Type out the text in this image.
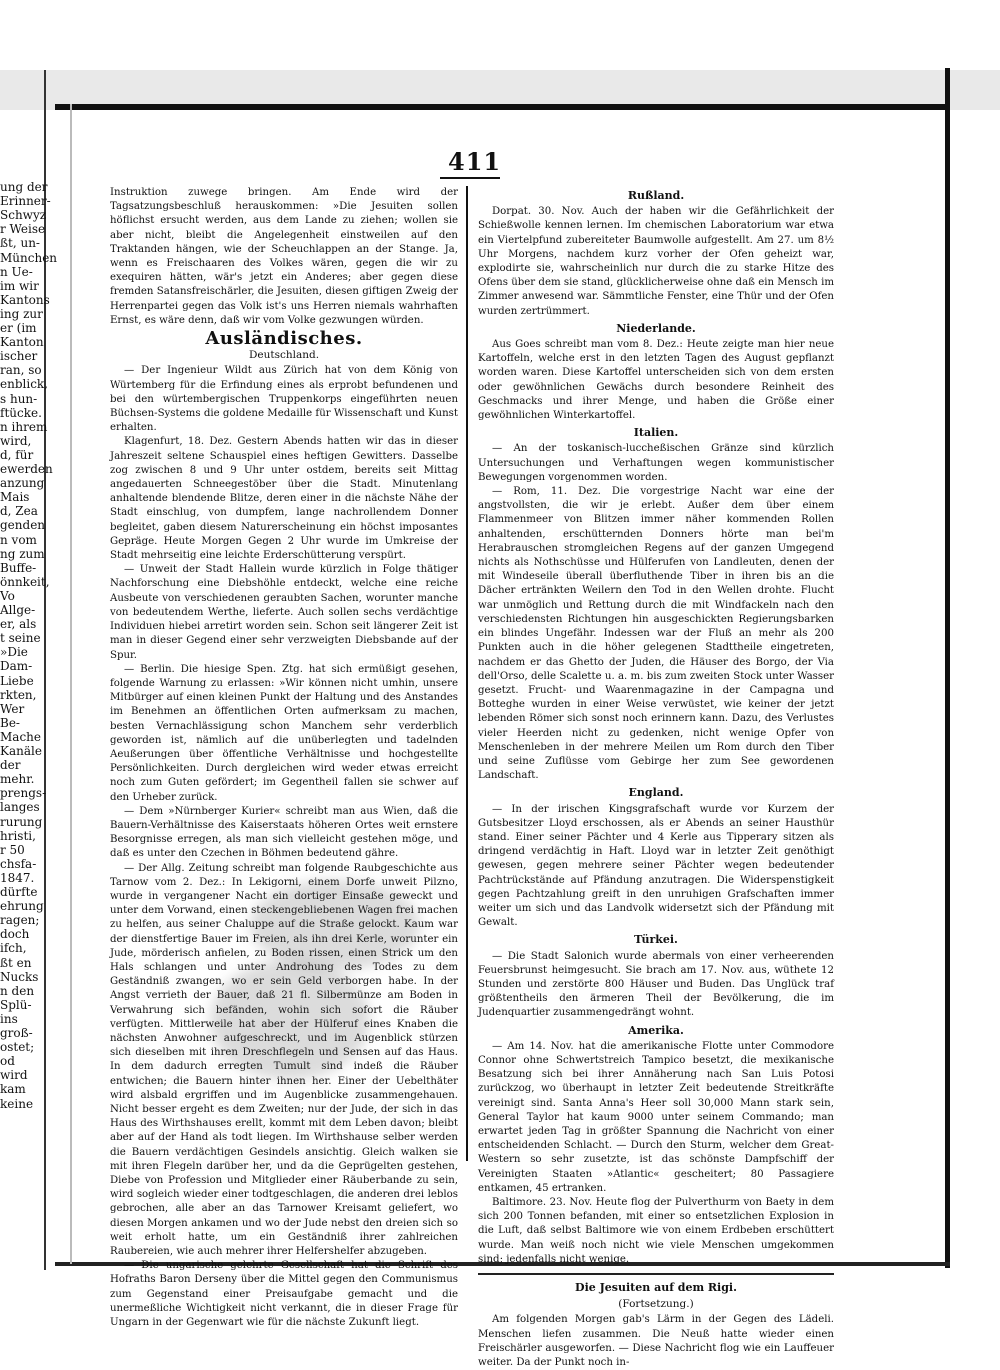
ung der
Erinner-
Schwyz
r Weise
ßt, un-
München
n Ue-
im wir
Kantons
ing zur
er (im
Kanton
ischer
ran, so
enblick,
s hun-
ftücke.
n ihrem
wird,
d, für
ewerden
anzung
Mais
d, Zea
genden
n vom
ng zum
Buffe-
önnkeit,
Vo
Allge-
er, als
t seine
»Die
Dam-
Liebe
rkten,
Wer
Be-
Mache
Kanäle
der
mehr.
prengs-
langes
rurung
hristi,
r 50
chsfa-
1847.
dürfte
ehrung
ragen;
doch
ifch,
ßt en
Nucks
n den
Splü-
ins
groß-
ostet;
od
wird
kam
keine
411

Instruktion zuwege bringen. Am Ende wird der Tagsatzungsbeschluß herauskommen: »Die Jesuiten sollen höflichst ersucht werden, aus dem Lande zu ziehen; wollen sie aber nicht, bleibt die Angelegenheit einstweilen auf den Traktanden hängen, wie der Scheuchlappen an der Stange. Ja, wenn es Freischaaren des Volkes wären, gegen die wir zu exequiren hätten, wär's jetzt ein Anderes; aber gegen diese fremden Satansfreischärler, die Jesuiten, diesen giftigen Zweig der Herrenpartei gegen das Volk ist's uns Herren niemals wahrhaften Ernst, es wäre denn, daß wir vom Volke gezwungen würden.

Ausländisches.
Deutschland.

— Der Ingenieur Wildt aus Zürich hat von dem König von Würtemberg für die Erfindung eines als erprobt befundenen und bei den würtembergischen Truppenkorps eingeführten neuen Büchsen-Systems die goldene Medaille für Wissenschaft und Kunst erhalten.

Klagenfurt, 18. Dez. Gestern Abends hatten wir das in dieser Jahreszeit seltene Schauspiel eines heftigen Gewitters. Dasselbe zog zwischen 8 und 9 Uhr unter ostdem, bereits seit Mittag angedauerten Schneegestöber über die Stadt. Minutenlang anhaltende blendende Blitze, deren einer in die nächste Nähe der Stadt einschlug, von dumpfem, lange nachrollendem Donner begleitet, gaben diesem Naturerscheinung ein höchst imposantes Gepräge. Heute Morgen Gegen 2 Uhr wurde im Umkreise der Stadt mehrseitig eine leichte Erderschütterung verspürt.

— Unweit der Stadt Hallein wurde kürzlich in Folge thätiger Nachforschung eine Diebshöhle entdeckt, welche eine reiche Ausbeute von verschiedenen geraubten Sachen, worunter manche von bedeutendem Werthe, lieferte. Auch sollen sechs verdächtige Individuen hiebei arretirt worden sein. Schon seit längerer Zeit ist man in dieser Gegend einer sehr verzweigten Diebsbande auf der Spur.

— Berlin. Die hiesige Spen. Ztg. hat sich ermüßigt gesehen, folgende Warnung zu erlassen: »Wir können nicht umhin, unsere Mitbürger auf einen kleinen Punkt der Haltung und des Anstandes im Benehmen an öffentlichen Orten aufmerksam zu machen, besten Vernachlässigung schon Manchem sehr verderblich geworden ist, nämlich auf die unüberlegten und tadelnden Aeußerungen über öffentliche Verhältnisse und hochgestellte Persönlichkeiten. Durch dergleichen wird weder etwas erreicht noch zum Guten gefördert; im Gegentheil fallen sie schwer auf den Urheber zurück.

— Dem »Nürnberger Kurier« schreibt man aus Wien, daß die Bauern-Verhältnisse des Kaiserstaats höheren Ortes weit ernstere Besorgnisse erregen, als man sich vielleicht gestehen möge, und daß es unter den Czechen in Böhmen bedeutend gähre.

— Der Allg. Zeitung schreibt man folgende Raubgeschichte aus Tarnow vom 2. Dez.: In Lekigorni, einem Dorfe unweit Pilzno, wurde in vergangener Nacht ein dortiger Einsaße geweckt und unter dem Vorwand, einen steckengebliebenen Wagen frei machen zu helfen, aus seiner Chaluppe auf die Straße gelockt. Kaum war der dienstfertige Bauer im Freien, als ihn drei Kerle, worunter ein Jude, mörderisch anfielen, zu Boden rissen, einen Strick um den Hals schlangen und unter Androhung des Todes zu dem Geständniß zwangen, wo er sein Geld verborgen habe. In der Angst verrieth der Bauer, daß 21 fl. Silbermünze am Boden in Verwahrung sich befänden, wohin sich sofort die Räuber verfügten. Mittlerweile hat aber der Hülferuf eines Knaben die nächsten Anwohner aufgeschreckt, und im Augenblick stürzen sich dieselben mit ihren Dreschflegeln und Sensen auf das Haus. In dem dadurch erregten Tumult sind indeß die Räuber entwichen; die Bauern hinter ihnen her. Einer der Uebelthäter wird alsbald ergriffen und im Augenblicke zusammengehauen. Nicht besser ergeht es dem Zweiten; nur der Jude, der sich in das Haus des Wirthshauses erellt, kommt mit dem Leben davon; bleibt aber auf der Hand als todt liegen. Im Wirthshause selber werden die Bauern verdächtigen Gesindels ansichtig. Gleich walken sie mit ihren Flegeln darüber her, und da die Geprügelten gestehen, Diebe von Profession und Mitglieder einer Räuberbande zu sein, wird sogleich wieder einer todtgeschlagen, die anderen drei leblos gebrochen, alle aber an das Tarnower Kreisamt geliefert, wo diesen Morgen ankamen und wo der Jude nebst den dreien sich so weit erholt hatte, um ein Geständniß ihrer zahlreichen Raubereien, wie auch mehrer ihrer Helfershelfer abzugeben.

— Die ungarische gelehrte Gesellschaft hat die Schrift des Hofraths Baron Derseny über die Mittel gegen den Communismus zum Gegenstand einer Preisaufgabe gemacht und die unermeßliche Wichtigkeit nicht verkannt, die in dieser Frage für Ungarn in der Gegenwart wie für die nächste Zukunft liegt.

Rußland.

Dorpat. 30. Nov. Auch der haben wir die Gefährlichkeit der Schießwolle kennen lernen. Im chemischen Laboratorium war etwa ein Viertelpfund zubereiteter Baumwolle aufgestellt. Am 27. um 8½ Uhr Morgens, nachdem kurz vorher der Ofen geheizt war, explodirte sie, wahrscheinlich nur durch die zu starke Hitze des Ofens über dem sie stand, glücklicherweise ohne daß ein Mensch im Zimmer anwesend war. Sämmtliche Fenster, eine Thür und der Ofen wurden zertrümmert.

Niederlande.

Aus Goes schreibt man vom 8. Dez.: Heute zeigte man hier neue Kartoffeln, welche erst in den letzten Tagen des August gepflanzt worden waren. Diese Kartoffel unterscheiden sich von dem ersten oder gewöhnlichen Gewächs durch besondere Reinheit des Geschmacks und ihrer Menge, und haben die Größe einer gewöhnlichen Winterkartoffel.

Italien.

— An der toskanisch-luccheßischen Gränze sind kürzlich Untersuchungen und Verhaftungen wegen kommunistischer Bewegungen vorgenommen worden.

— Rom, 11. Dez. Die vorgestrige Nacht war eine der angstvollsten, die wir je erlebt. Außer dem über einem Flammenmeer von Blitzen immer näher kommenden Rollen anhaltenden, erschütternden Donners hörte man bei'm Herabrauschen stromgleichen Regens auf der ganzen Umgegend nichts als Nothschüsse und Hülferufen von Landleuten, denen der mit Windeseile überall überfluthende Tiber in ihren bis an die Dächer ertränkten Weilern den Tod in den Wellen drohte. Flucht war unmöglich und Rettung durch die mit Windfackeln nach den verschiedensten Richtungen hin ausgeschickten Regierungsbarken ein blindes Ungefähr. Indessen war der Fluß an mehr als 200 Punkten auch in die höher gelegenen Stadttheile eingetreten, nachdem er das Ghetto der Juden, die Häuser des Borgo, der Via dell'Orso, delle Scalette u. a. m. bis zum zweiten Stock unter Wasser gesetzt. Frucht- und Waarenmagazine in der Campagna und Botteghe wurden in einer Weise verwüstet, wie keiner der jetzt lebenden Römer sich sonst noch erinnern kann. Dazu, des Verlustes vieler Heerden nicht zu gedenken, nicht wenige Opfer von Menschenleben in der mehrere Meilen um Rom durch den Tiber und seine Zuflüsse vom Gebirge her zum See gewordenen Landschaft.

England.

— In der irischen Kingsgrafschaft wurde vor Kurzem der Gutsbesitzer Lloyd erschossen, als er Abends an seiner Hausthür stand. Einer seiner Pächter und 4 Kerle aus Tipperary sitzen als dringend verdächtig in Haft. Lloyd war in letzter Zeit genöthigt gewesen, gegen mehrere seiner Pächter wegen bedeutender Pachtrückstände auf Pfändung anzutragen. Die Widerspenstigkeit gegen Pachtzahlung greift in den unruhigen Grafschaften immer weiter um sich und das Landvolk widersetzt sich der Pfändung mit Gewalt.

Türkei.

— Die Stadt Salonich wurde abermals von einer verheerenden Feuersbrunst heimgesucht. Sie brach am 17. Nov. aus, wüthete 12 Stunden und zerstörte 800 Häuser und Buden. Das Unglück traf größtentheils den ärmeren Theil der Bevölkerung, die im Judenquartier zusammengedrängt wohnt.

Amerika.

— Am 14. Nov. hat die amerikanische Flotte unter Commodore Connor ohne Schwertstreich Tampico besetzt, die mexikanische Besatzung sich bei ihrer Annäherung nach San Luis Potosi zurückzog, wo überhaupt in letzter Zeit bedeutende Streitkräfte vereinigt sind. Santa Anna's Heer soll 30,000 Mann stark sein, General Taylor hat kaum 9000 unter seinem Commando; man erwartet jeden Tag in größter Spannung die Nachricht von einer entscheidenden Schlacht. — Durch den Sturm, welcher dem Great-Western so sehr zusetzte, ist das schönste Dampfschiff der Vereinigten Staaten »Atlantic« gescheitert; 80 Passagiere entkamen, 45 ertranken.

Baltimore. 23. Nov. Heute flog der Pulverthurm von Baety in dem sich 200 Tonnen befanden, mit einer so entsetzlichen Explosion in die Luft, daß selbst Baltimore wie von einem Erdbeben erschüttert wurde. Man weiß noch nicht wie viele Menschen umgekommen sind; jedenfalls nicht wenige.

Die Jesuiten auf dem Rigi.
(Fortsetzung.)

Am folgenden Morgen gab's Lärm in der Gegen des Lädeli. Menschen liefen zusammen. Die Neuß hatte wieder einen Freischärler ausgeworfen. — Diese Nachricht flog wie ein Lauffeuer weiter. Da der Punkt noch in-
